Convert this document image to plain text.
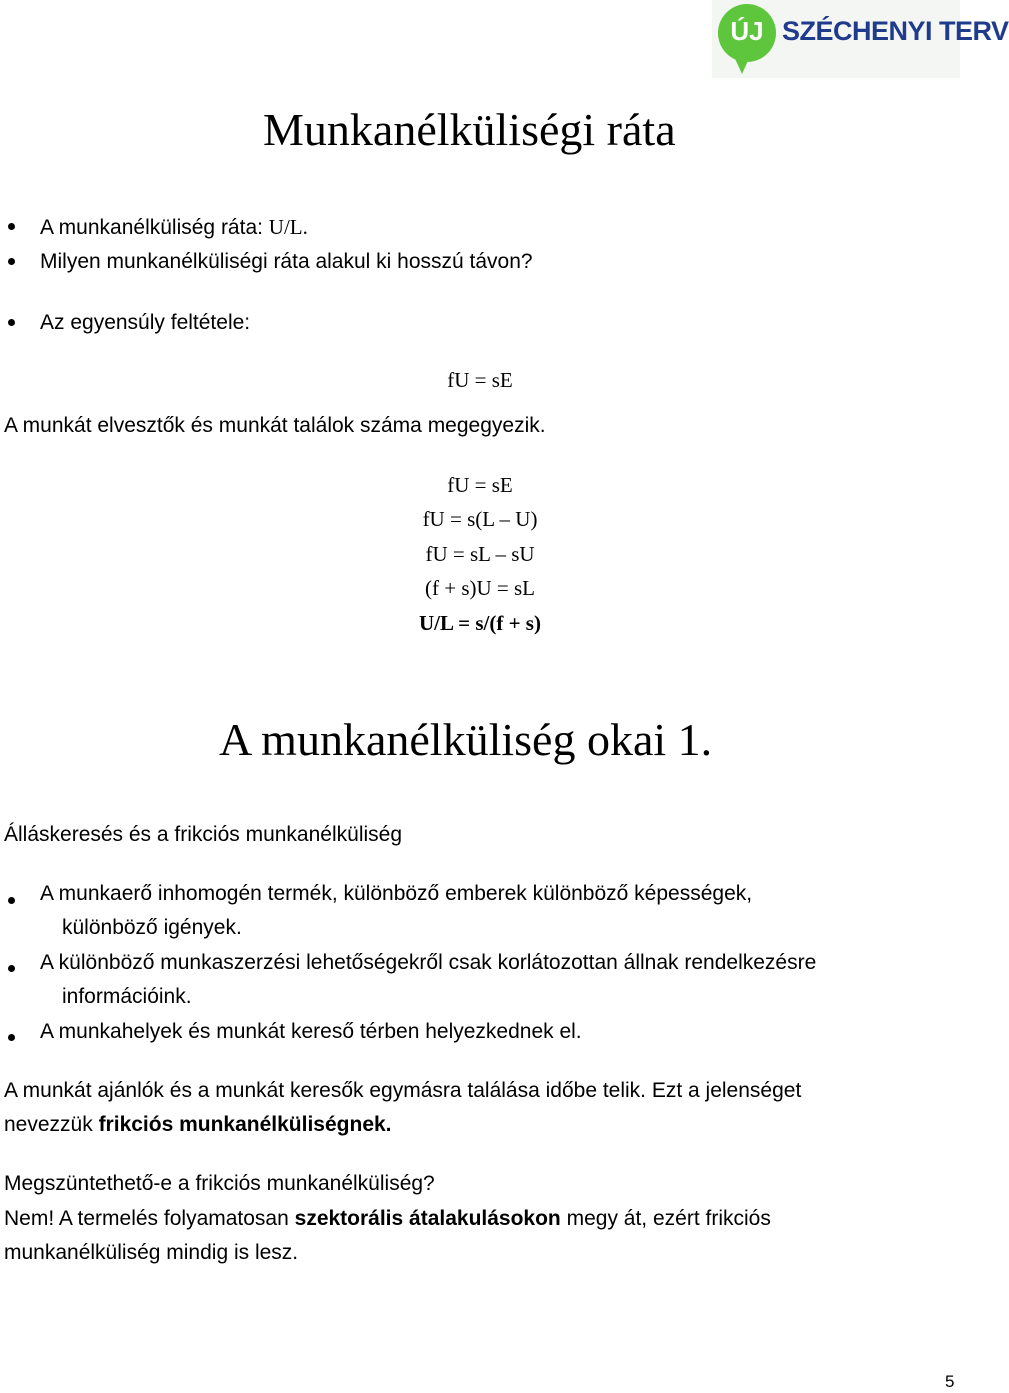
ÚJ SZÉCHENYI TERV
Munkanélküliségi ráta
A munkanélküliség ráta: U/L.
Milyen munkanélküliségi ráta alakul ki hosszú távon?
Az egyensúly feltétele:
fU = sE
A munkát elvesztők és munkát találok száma megegyezik.
fU = sE
fU = s(L – U)
fU = sL – sU
(f + s)U = sL
U/L = s/(f + s)
A munkanélküliség okai 1.
Álláskeresés és a frikciós munkanélküliség
A munkaerő inhomogén termék, különböző emberek különböző képességek,
különböző igények.
A különböző munkaszerzési lehetőségekről csak korlátozottan állnak rendelkezésre
információink.
A munkahelyek és munkát kereső térben helyezkednek el.
A munkát ajánlók és a munkát keresők egymásra találása időbe telik. Ezt a jelenséget
nevezzük frikciós munkanélküliségnek.
Megszüntethető-e a frikciós munkanélküliség?
Nem! A termelés folyamatosan szektorális átalakulásokon megy át, ezért frikciós
munkanélküliség mindig is lesz.
5
